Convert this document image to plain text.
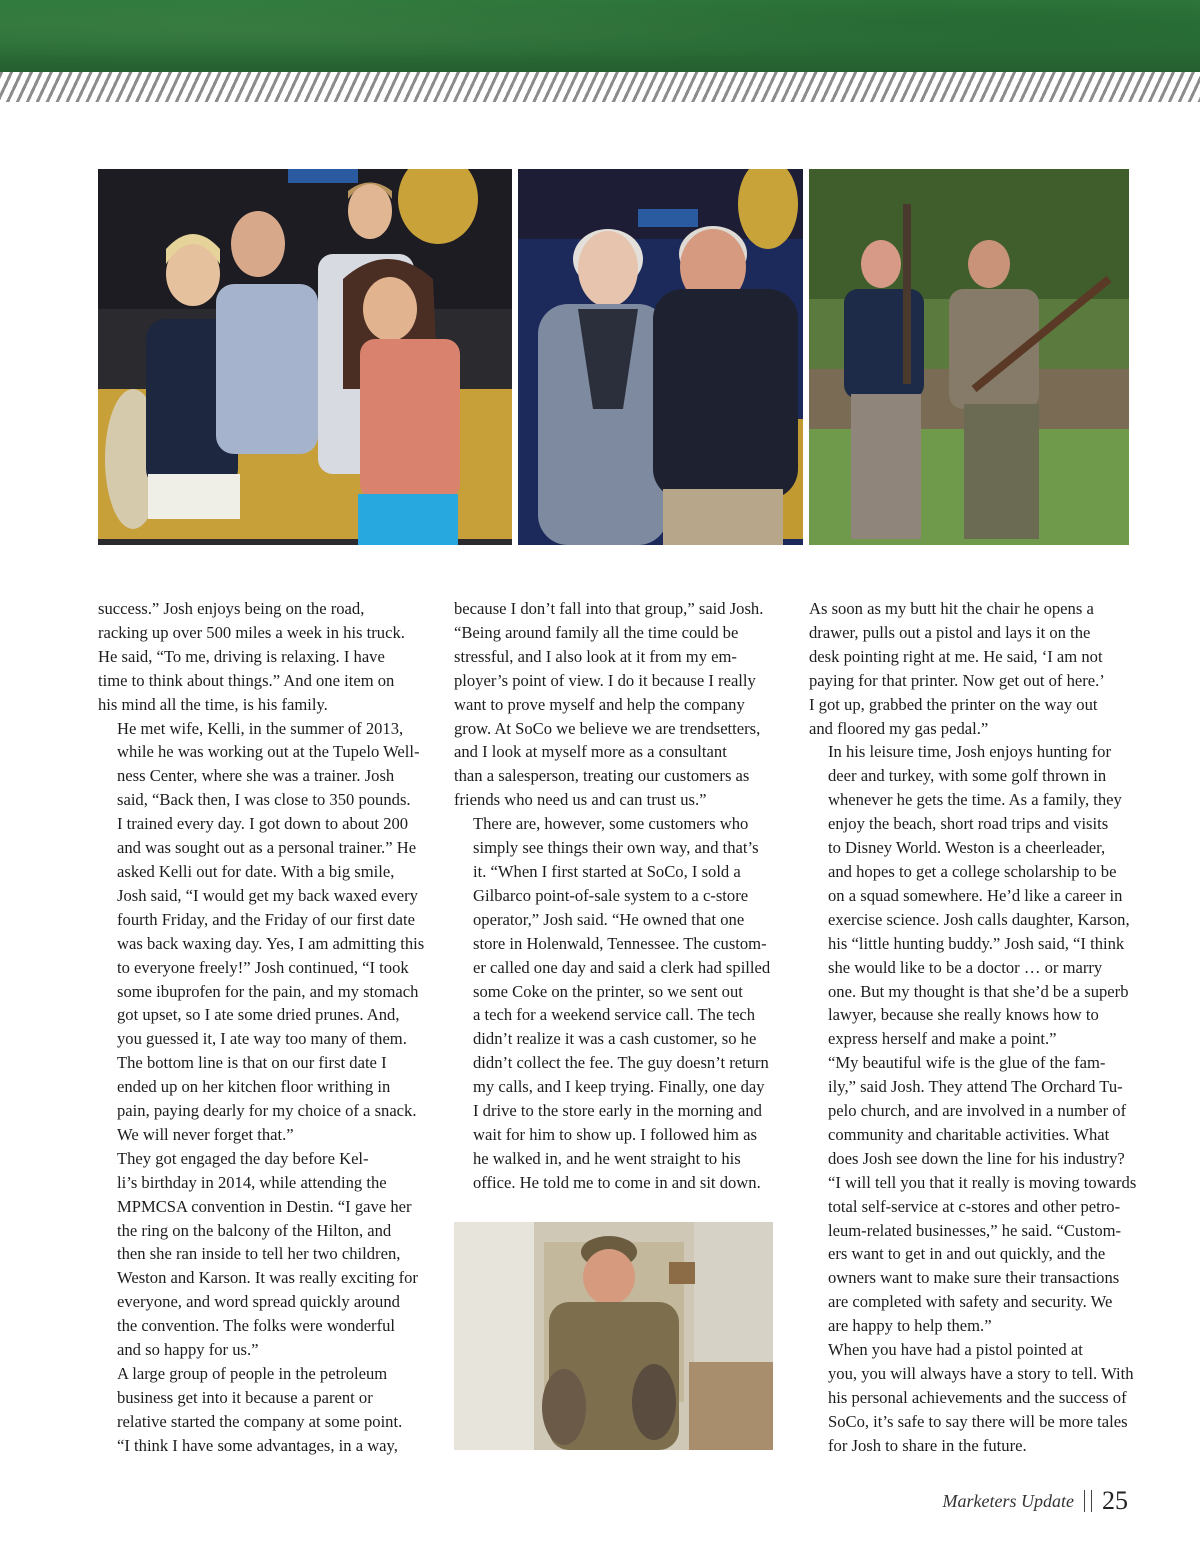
success.” Josh enjoys being on the road,
racking up over 500 miles a week in his truck.
He said, “To me, driving is relaxing. I have
time to think about things.” And one item on
his mind all the time, is his family.

He met wife, Kelli, in the summer of 2013,
while he was working out at the Tupelo Well-
ness Center, where she was a trainer. Josh
said, “Back then, I was close to 350 pounds.
I trained every day. I got down to about 200
and was sought out as a personal trainer.” He
asked Kelli out for date. With a big smile,
Josh said, “I would get my back waxed every
fourth Friday, and the Friday of our first date
was back waxing day. Yes, I am admitting this
to everyone freely!” Josh continued, “I took
some ibuprofen for the pain, and my stomach
got upset, so I ate some dried prunes. And,
you guessed it, I ate way too many of them.
The bottom line is that on our first date I
ended up on her kitchen floor writhing in
pain, paying dearly for my choice of a snack.
We will never forget that.”

They got engaged the day before Kel-
li’s birthday in 2014, while attending the
MPMCSA convention in Destin. “I gave her
the ring on the balcony of the Hilton, and
then she ran inside to tell her two children,
Weston and Karson. It was really exciting for
everyone, and word spread quickly around
the convention. The folks were wonderful
and so happy for us.”

A large group of people in the petroleum
business get into it because a parent or
relative started the company at some point.
“I think I have some advantages, in a way,

because I don’t fall into that group,” said Josh.
“Being around family all the time could be
stressful, and I also look at it from my em-
ployer’s point of view. I do it because I really
want to prove myself and help the company
grow. At SoCo we believe we are trendsetters,
and I look at myself more as a consultant
than a salesperson, treating our customers as
friends who need us and can trust us.”

There are, however, some customers who
simply see things their own way, and that’s
it. “When I first started at SoCo, I sold a
Gilbarco point-of-sale system to a c-store
operator,” Josh said. “He owned that one
store in Holenwald, Tennessee. The custom-
er called one day and said a clerk had spilled
some Coke on the printer, so we sent out
a tech for a weekend service call. The tech
didn’t realize it was a cash customer, so he
didn’t collect the fee. The guy doesn’t return
my calls, and I keep trying. Finally, one day
I drive to the store early in the morning and
wait for him to show up. I followed him as
he walked in, and he went straight to his
office. He told me to come in and sit down.

As soon as my butt hit the chair he opens a
drawer, pulls out a pistol and lays it on the
desk pointing right at me. He said, ‘I am not
paying for that printer. Now get out of here.’
I got up, grabbed the printer on the way out
and floored my gas pedal.”

In his leisure time, Josh enjoys hunting for
deer and turkey, with some golf thrown in
whenever he gets the time. As a family, they
enjoy the beach, short road trips and visits
to Disney World. Weston is a cheerleader,
and hopes to get a college scholarship to be
on a squad somewhere. He’d like a career in
exercise science. Josh calls daughter, Karson,
his “little hunting buddy.” Josh said, “I think
she would like to be a doctor … or marry
one. But my thought is that she’d be a superb
lawyer, because she really knows how to
express herself and make a point.”

“My beautiful wife is the glue of the fam-
ily,” said Josh. They attend The Orchard Tu-
pelo church, and are involved in a number of
community and charitable activities. What
does Josh see down the line for his industry?
“I will tell you that it really is moving towards
total self-service at c-stores and other petro-
leum-related businesses,” he said. “Custom-
ers want to get in and out quickly, and the
owners want to make sure their transactions
are completed with safety and security. We
are happy to help them.”

When you have had a pistol pointed at
you, you will always have a story to tell. With
his personal achievements and the success of
SoCo, it’s safe to say there will be more tales
for Josh to share in the future.

Marketers Update 25
